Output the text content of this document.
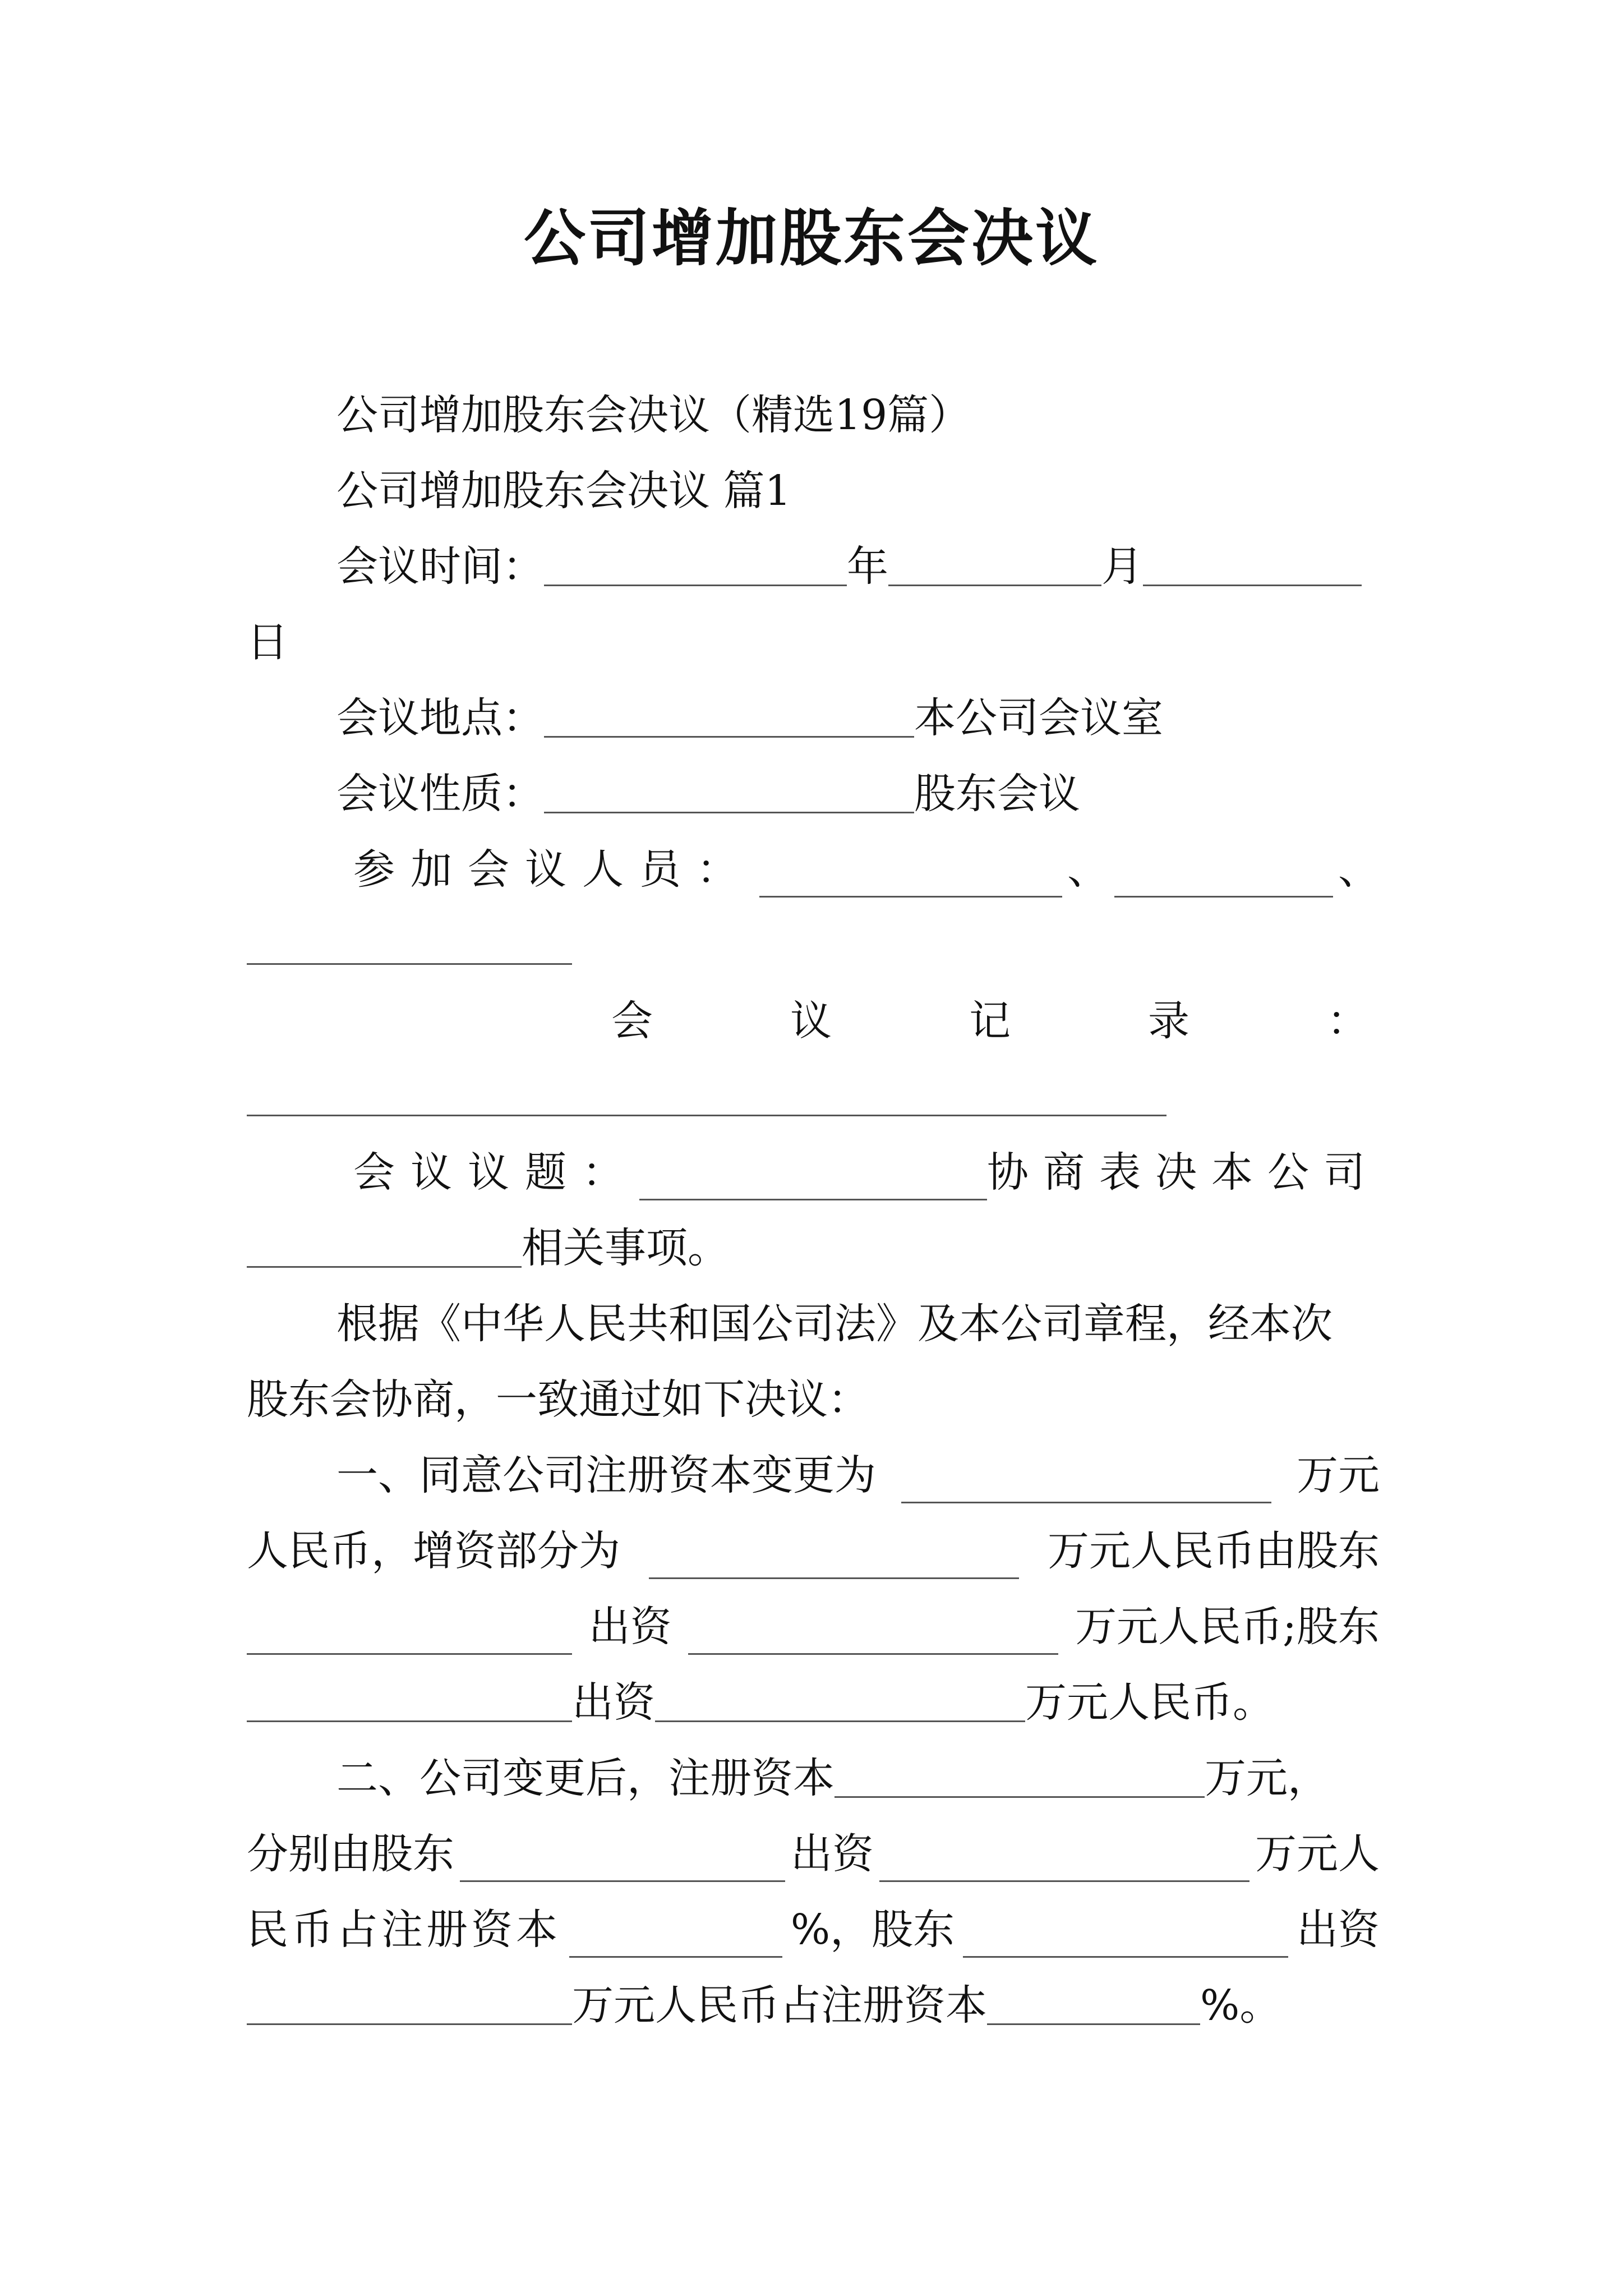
公司增加股东会决议
公司增加股东会决议（精选19篇）
公司增加股东会决议 篇1
会议时间：	年	月
日
会议地点：	本公司会议室
会议性质：	股东会议
参加会议人员：	、	、
会	议	记	录	：
会议议题：	协商表决本公司
相关事项。
根据《中华人民共和国公司法》及本公司章程，经本次
股东会协商，一致通过如下决议：
一、同意公司注册资本变更为	万元
人民币，增资部分为	万元人民币由股东
出资	万元人民币;股东
出资	万元人民币。
二、公司变更后，注册资本	万元，
分别由股东	出资	万元人
民币占注册资本	%，股东	出资
万元人民币占注册资本	%。
